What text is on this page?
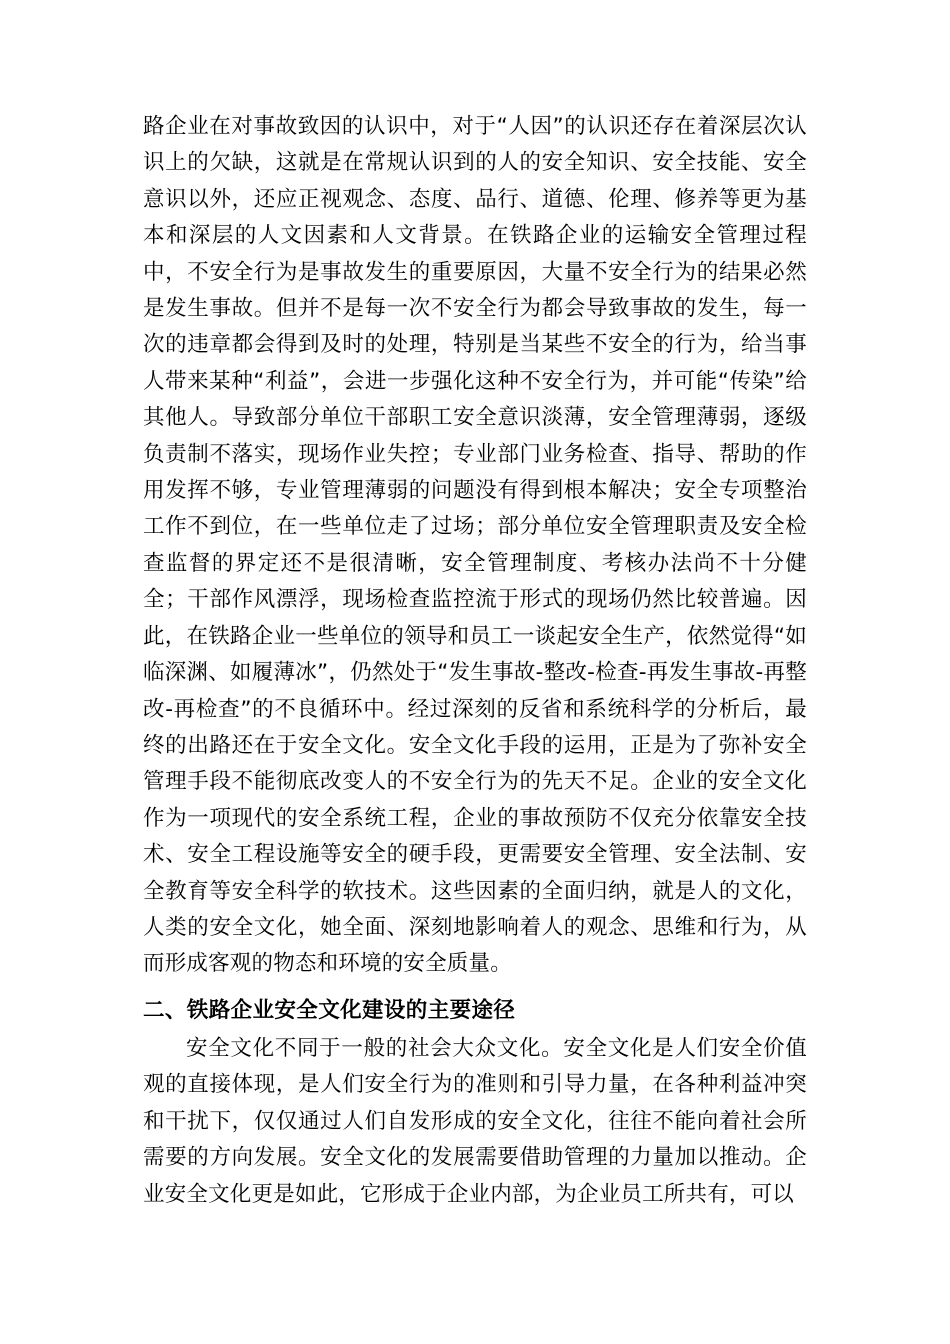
路企业在对事故致因的认识中，对于“人因”的认识还存在着深层次认识上的欠缺，这就是在常规认识到的人的安全知识、安全技能、安全意识以外，还应正视观念、态度、品行、道德、伦理、修养等更为基本和深层的人文因素和人文背景。在铁路企业的运输安全管理过程中，不安全行为是事故发生的重要原因，大量不安全行为的结果必然是发生事故。但并不是每一次不安全行为都会导致事故的发生，每一次的违章都会得到及时的处理，特别是当某些不安全的行为，给当事人带来某种“利益”，会进一步强化这种不安全行为，并可能“传染”给其他人。导致部分单位干部职工安全意识淡薄，安全管理薄弱，逐级负责制不落实，现场作业失控；专业部门业务检查、指导、帮助的作用发挥不够，专业管理薄弱的问题没有得到根本解决；安全专项整治工作不到位，在一些单位走了过场；部分单位安全管理职责及安全检查监督的界定还不是很清晰，安全管理制度、考核办法尚不十分健全；干部作风漂浮，现场检查监控流于形式的现场仍然比较普遍。因此，在铁路企业一些单位的领导和员工一谈起安全生产，依然觉得“如临深渊、如履薄冰”，仍然处于“发生事故-整改-检查-再发生事故-再整改-再检查”的不良循环中。经过深刻的反省和系统科学的分析后，最终的出路还在于安全文化。安全文化手段的运用，正是为了弥补安全管理手段不能彻底改变人的不安全行为的先天不足。企业的安全文化作为一项现代的安全系统工程，企业的事故预防不仅充分依靠安全技术、安全工程设施等安全的硬手段，更需要安全管理、安全法制、安全教育等安全科学的软技术。这些因素的全面归纳，就是人的文化，人类的安全文化，她全面、深刻地影响着人的观念、思维和行为，从而形成客观的物态和环境的安全质量。

二、铁路企业安全文化建设的主要途径

安全文化不同于一般的社会大众文化。安全文化是人们安全价值观的直接体现，是人们安全行为的准则和引导力量，在各种利益冲突和干扰下，仅仅通过人们自发形成的安全文化，往往不能向着社会所需要的方向发展。安全文化的发展需要借助管理的力量加以推动。企业安全文化更是如此，它形成于企业内部，为企业员工所共有，可以
